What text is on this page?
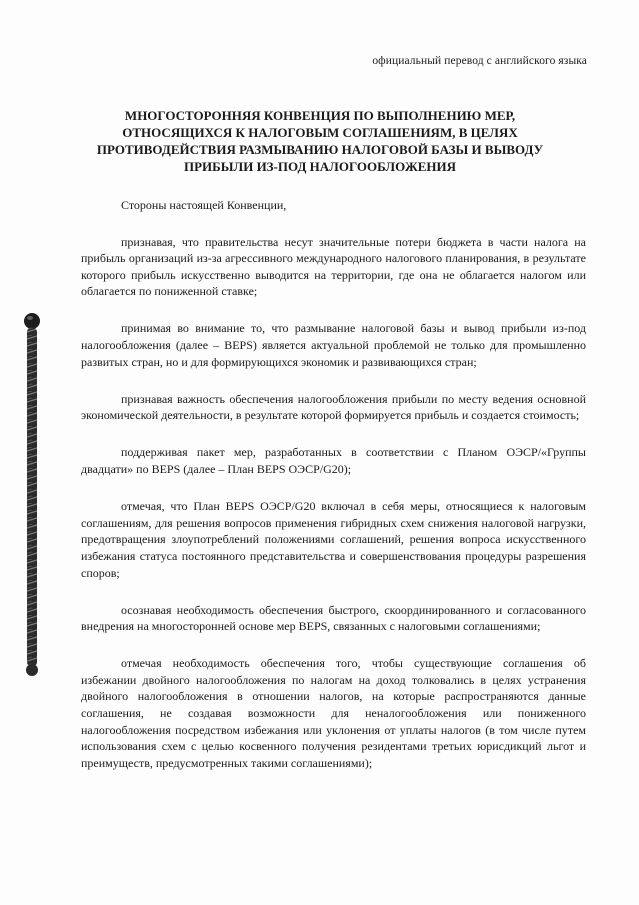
официальный перевод с английского языка
МНОГОСТОРОННЯЯ КОНВЕНЦИЯ ПО ВЫПОЛНЕНИЮ МЕР,
ОТНОСЯЩИХСЯ К НАЛОГОВЫМ СОГЛАШЕНИЯМ, В ЦЕЛЯХ
ПРОТИВОДЕЙСТВИЯ РАЗМЫВАНИЮ НАЛОГОВОЙ БАЗЫ И ВЫВОДУ
ПРИБЫЛИ ИЗ-ПОД НАЛОГООБЛОЖЕНИЯ

Стороны настоящей Конвенции,

признавая, что правительства несут значительные потери бюджета в части налога на прибыль организаций из-за агрессивного международного налогового планирования, в результате которого прибыль искусственно выводится на территории, где она не облагается налогом или облагается по пониженной ставке;

принимая во внимание то, что размывание налоговой базы и вывод прибыли из-под налогообложения (далее – BEPS) является актуальной проблемой не только для промышленно развитых стран, но и для формирующихся экономик и развивающихся стран;

признавая важность обеспечения налогообложения прибыли по месту ведения основной экономической деятельности, в результате которой формируется прибыль и создается стоимость;

поддерживая пакет мер, разработанных в соответствии с Планом ОЭСР/«Группы двадцати» по BEPS (далее – План BEPS ОЭСР/G20);

отмечая, что План BEPS ОЭСР/G20 включал в себя меры, относящиеся к налоговым соглашениям, для решения вопросов применения гибридных схем снижения налоговой нагрузки, предотвращения злоупотреблений положениями соглашений, решения вопроса искусственного избежания статуса постоянного представительства и совершенствования процедуры разрешения споров;

осознавая необходимость обеспечения быстрого, скоординированного и согласованного внедрения на многосторонней основе мер BEPS, связанных с налоговыми соглашениями;

отмечая необходимость обеспечения того, чтобы существующие соглашения об избежании двойного налогообложения по налогам на доход толковались в целях устранения двойного налогообложения в отношении налогов, на которые распространяются данные соглашения, не создавая возможности для неналогообложения или пониженного налогообложения посредством избежания или уклонения от уплаты налогов (в том числе путем использования схем с целью косвенного получения резидентами третьих юрисдикций льгот и преимуществ, предусмотренных такими соглашениями);
